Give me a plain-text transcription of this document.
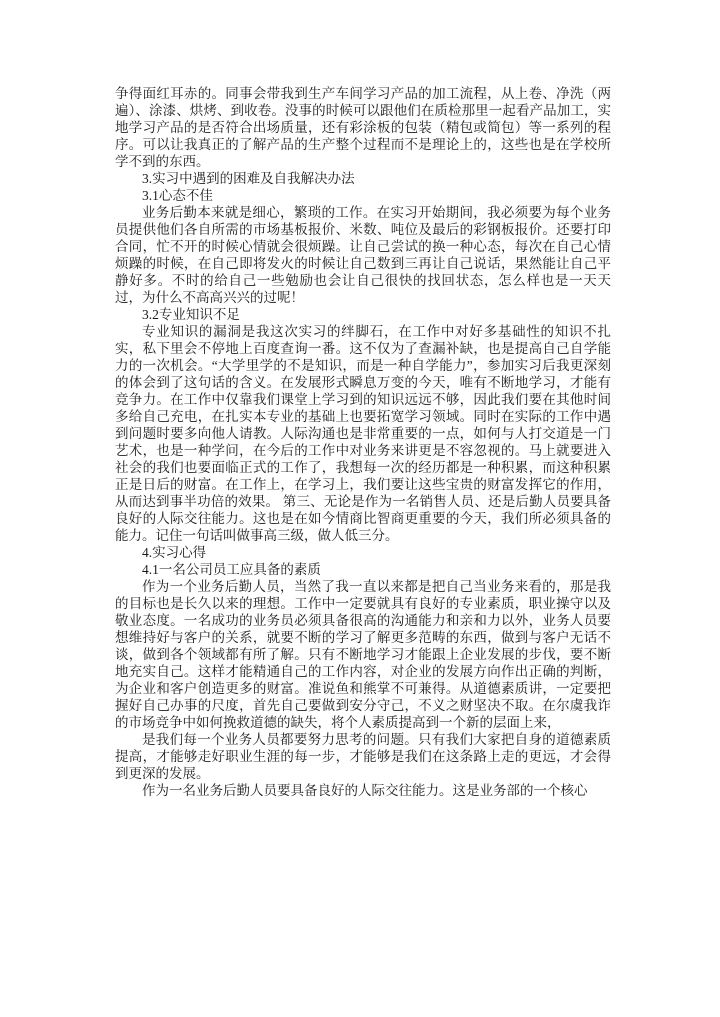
争得面红耳赤的。同事会带我到生产车间学习产品的加工流程，从上卷、净洗（两遍）、涂漆、烘烤、到收卷。没事的时候可以跟他们在质检那里一起看产品加工，实地学习产品的是否符合出场质量，还有彩涂板的包装（精包或简包）等一系列的程序。可以让我真正的了解产品的生产整个过程而不是理论上的，这些也是在学校所学不到的东西。

3.实习中遇到的困难及自我解决办法

3.1心态不佳

业务后勤本来就是细心，繁琐的工作。在实习开始期间，我必须要为每个业务员提供他们各自所需的市场基板报价、米数、吨位及最后的彩钢板报价。还要打印合同，忙不开的时候心情就会很烦躁。让自己尝试的换一种心态，每次在自己心情烦躁的时候，在自己即将发火的时候让自己数到三再让自己说话，果然能让自己平静好多。不时的给自己一些勉励也会让自己很快的找回状态，怎么样也是一天天过，为什么不高高兴兴的过呢！

3.2专业知识不足

专业知识的漏洞是我这次实习的绊脚石，在工作中对好多基础性的知识不扎实，私下里会不停地上百度查询一番。这不仅为了查漏补缺，也是提高自己自学能力的一次机会。“大学里学的不是知识，而是一种自学能力”，参加实习后我更深刻的体会到了这句话的含义。在发展形式瞬息万变的今天，唯有不断地学习，才能有竞争力。在工作中仅靠我们课堂上学习到的知识远远不够，因此我们要在其他时间多给自己充电，在扎实本专业的基础上也要拓宽学习领域。同时在实际的工作中遇到问题时要多向他人请教。人际沟通也是非常重要的一点，如何与人打交道是一门艺术，也是一种学问，在今后的工作中对业务来讲更是不容忽视的。马上就要进入社会的我们也要面临正式的工作了，我想每一次的经历都是一种积累，而这种积累正是日后的财富。在工作上，在学习上，我们要让这些宝贵的财富发挥它的作用，从而达到事半功倍的效果。 第三、无论是作为一名销售人员、还是后勤人员要具备良好的人际交往能力。这也是在如今情商比智商更重要的今天，我们所必须具备的能力。记住一句话叫做事高三级，做人低三分。

4.实习心得

4.1一名公司员工应具备的素质

作为一个业务后勤人员，当然了我一直以来都是把自己当业务来看的，那是我的目标也是长久以来的理想。工作中一定要就具有良好的专业素质，职业操守以及敬业态度。一名成功的业务员必须具备很高的沟通能力和亲和力以外，业务人员要想维持好与客户的关系，就要不断的学习了解更多范畴的东西，做到与客户无话不谈，做到各个领域都有所了解。只有不断地学习才能跟上企业发展的步伐，要不断地充实自己。这样才能精通自己的工作内容，对企业的发展方向作出正确的判断，为企业和客户创造更多的财富。准说鱼和熊掌不可兼得。从道德素质讲，一定要把握好自己办事的尺度，首先自己要做到安分守己，不义之财坚决不取。在尔虞我诈的市场竞争中如何挽救道德的缺失，将个人素质提高到一个新的层面上来，

是我们每一个业务人员都要努力思考的问题。只有我们大家把自身的道德素质提高，才能够走好职业生涯的每一步，才能够是我们在这条路上走的更远，才会得到更深的发展。

作为一名业务后勤人员要具备良好的人际交往能力。这是业务部的一个核心
